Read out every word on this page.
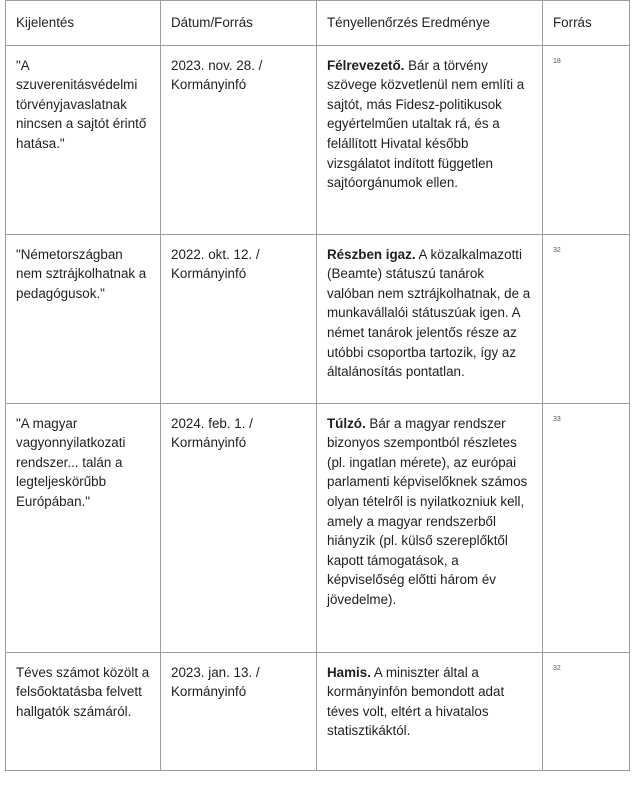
Kijelentés	Dátum/Forrás	Tényellenőrzés Eredménye	Forrás
"A szuverenitásvédelmi törvényjavaslatnak nincsen a sajtót érintő hatása."	2023. nov. 28. / Kormányinfó	Félrevezető. Bár a törvény szövege közvetlenül nem említi a sajtót, más Fidesz-politikusok egyértelműen utaltak rá, és a felállított Hivatal később vizsgálatot indított független sajtóorgánumok ellen.	18

"Németországban nem sztrájkolhatnak a pedagógusok."	2022. okt. 12. / Kormányinfó	Részben igaz. A közalkalmazotti (Beamte) státuszú tanárok valóban nem sztrájkolhatnak, de a munkavállalói státuszúak igen. A német tanárok jelentős része az utóbbi csoportba tartozik, így az általánosítás pontatlan.	32

"A magyar vagyonnyilatkozati rendszer... talán a legteljeskörűbb Európában."	2024. feb. 1. / Kormányinfó	Túlzó. Bár a magyar rendszer bizonyos szempontból részletes (pl. ingatlan mérete), az európai parlamenti képviselőknek számos olyan tételről is nyilatkozniuk kell, amely a magyar rendszerből hiányzik (pl. külső szereplőktől kapott támogatások, a képviselőség előtti három év jövedelme).	33

Téves számot közölt a felsőoktatásba felvett hallgatók számáról.	2023. jan. 13. / Kormányinfó	Hamis. A miniszter által a kormányinfón bemondott adat téves volt, eltért a hivatalos statisztikáktól.	32
